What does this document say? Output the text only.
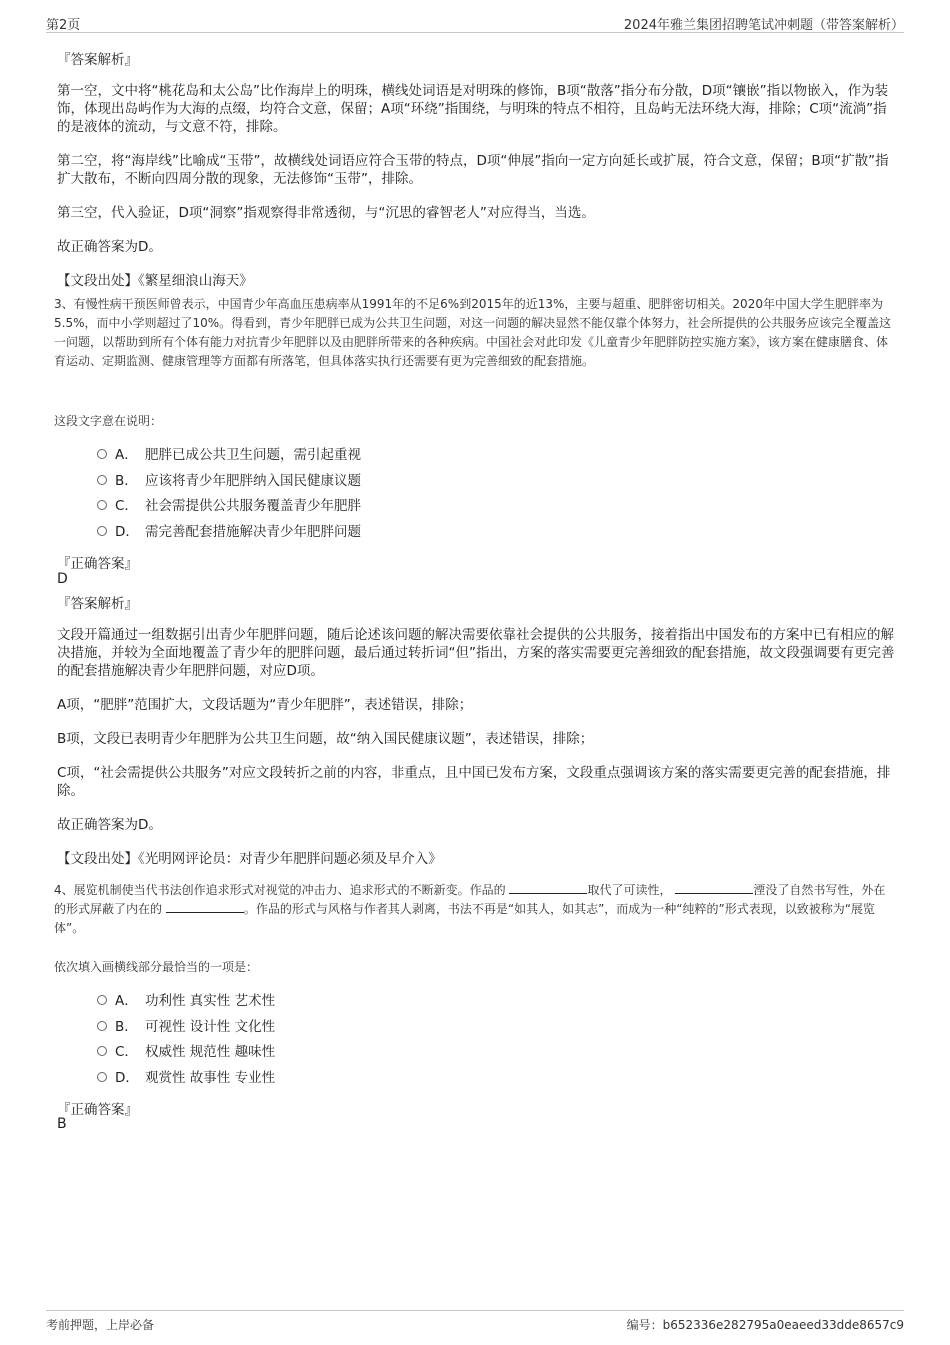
第2页	2024年雅兰集团招聘笔试冲刺题（带答案解析）
『答案解析』
第一空，文中将“桃花岛和太公岛”比作海岸上的明珠，横线处词语是对明珠的修饰，B项“散落”指分布分散，D项“镶嵌”指以物嵌入，作为装饰，体现出岛屿作为大海的点缀，均符合文意，保留；A项“环绕”指围绕，与明珠的特点不相符，且岛屿无法环绕大海，排除；C项“流淌”指的是液体的流动，与文意不符，排除。
第二空，将“海岸线”比喻成“玉带”，故横线处词语应符合玉带的特点，D项“伸展”指向一定方向延长或扩展，符合文意，保留；B项“扩散”指扩大散布，不断向四周分散的现象，无法修饰“玉带”，排除。
第三空，代入验证，D项“洞察”指观察得非常透彻，与“沉思的睿智老人”对应得当，当选。
故正确答案为D。
【文段出处】《繁星细浪山海天》
3、有慢性病干预医师曾表示，中国青少年高血压患病率从1991年的不足6%到2015年的近13%，主要与超重、肥胖密切相关。2020年中国大学生肥胖率为5.5%，而中小学则超过了10%。得看到，青少年肥胖已成为公共卫生问题，对这一问题的解决显然不能仅靠个体努力，社会所提供的公共服务应该完全覆盖这一问题，以帮助到所有个体有能力对抗青少年肥胖以及由肥胖所带来的各种疾病。中国社会对此印发《儿童青少年肥胖防控实施方案》，该方案在健康膳食、体育运动、定期监测、健康管理等方面都有所落笔，但具体落实执行还需要有更为完善细致的配套措施。
这段文字意在说明：
A． 肥胖已成公共卫生问题，需引起重视
B． 应该将青少年肥胖纳入国民健康议题
C． 社会需提供公共服务覆盖青少年肥胖
D． 需完善配套措施解决青少年肥胖问题
『正确答案』
D
『答案解析』
文段开篇通过一组数据引出青少年肥胖问题，随后论述该问题的解决需要依靠社会提供的公共服务，接着指出中国发布的方案中已有相应的解决措施，并较为全面地覆盖了青少年的肥胖问题，最后通过转折词“但”指出，方案的落实需要更完善细致的配套措施，故文段强调要有更完善的配套措施解决青少年肥胖问题，对应D项。
A项，“肥胖”范围扩大，文段话题为“青少年肥胖”，表述错误，排除；
B项，文段已表明青少年肥胖为公共卫生问题，故“纳入国民健康议题”，表述错误，排除；
C项，“社会需提供公共服务”对应文段转折之前的内容，非重点，且中国已发布方案，文段重点强调该方案的落实需要更完善的配套措施，排除。
故正确答案为D。
【文段出处】《光明网评论员：对青少年肥胖问题必须及早介入》
4、展览机制使当代书法创作追求形式对视觉的冲击力、追求形式的不断新变。作品的	取代了可读性，	湮没了自然书写性，外在的形式屏蔽了内在的	。作品的形式与风格与作者其人剥离，书法不再是“如其人，如其志”，而成为一种“纯粹的”形式表现，以致被称为“展览体”。
依次填入画横线部分最恰当的一项是：
A． 功利性 真实性 艺术性
B． 可视性 设计性 文化性
C． 权威性 规范性 趣味性
D． 观赏性 故事性 专业性
『正确答案』
B
考前押题，上岸必备	编号：b652336e282795a0eaeed33dde8657c9
